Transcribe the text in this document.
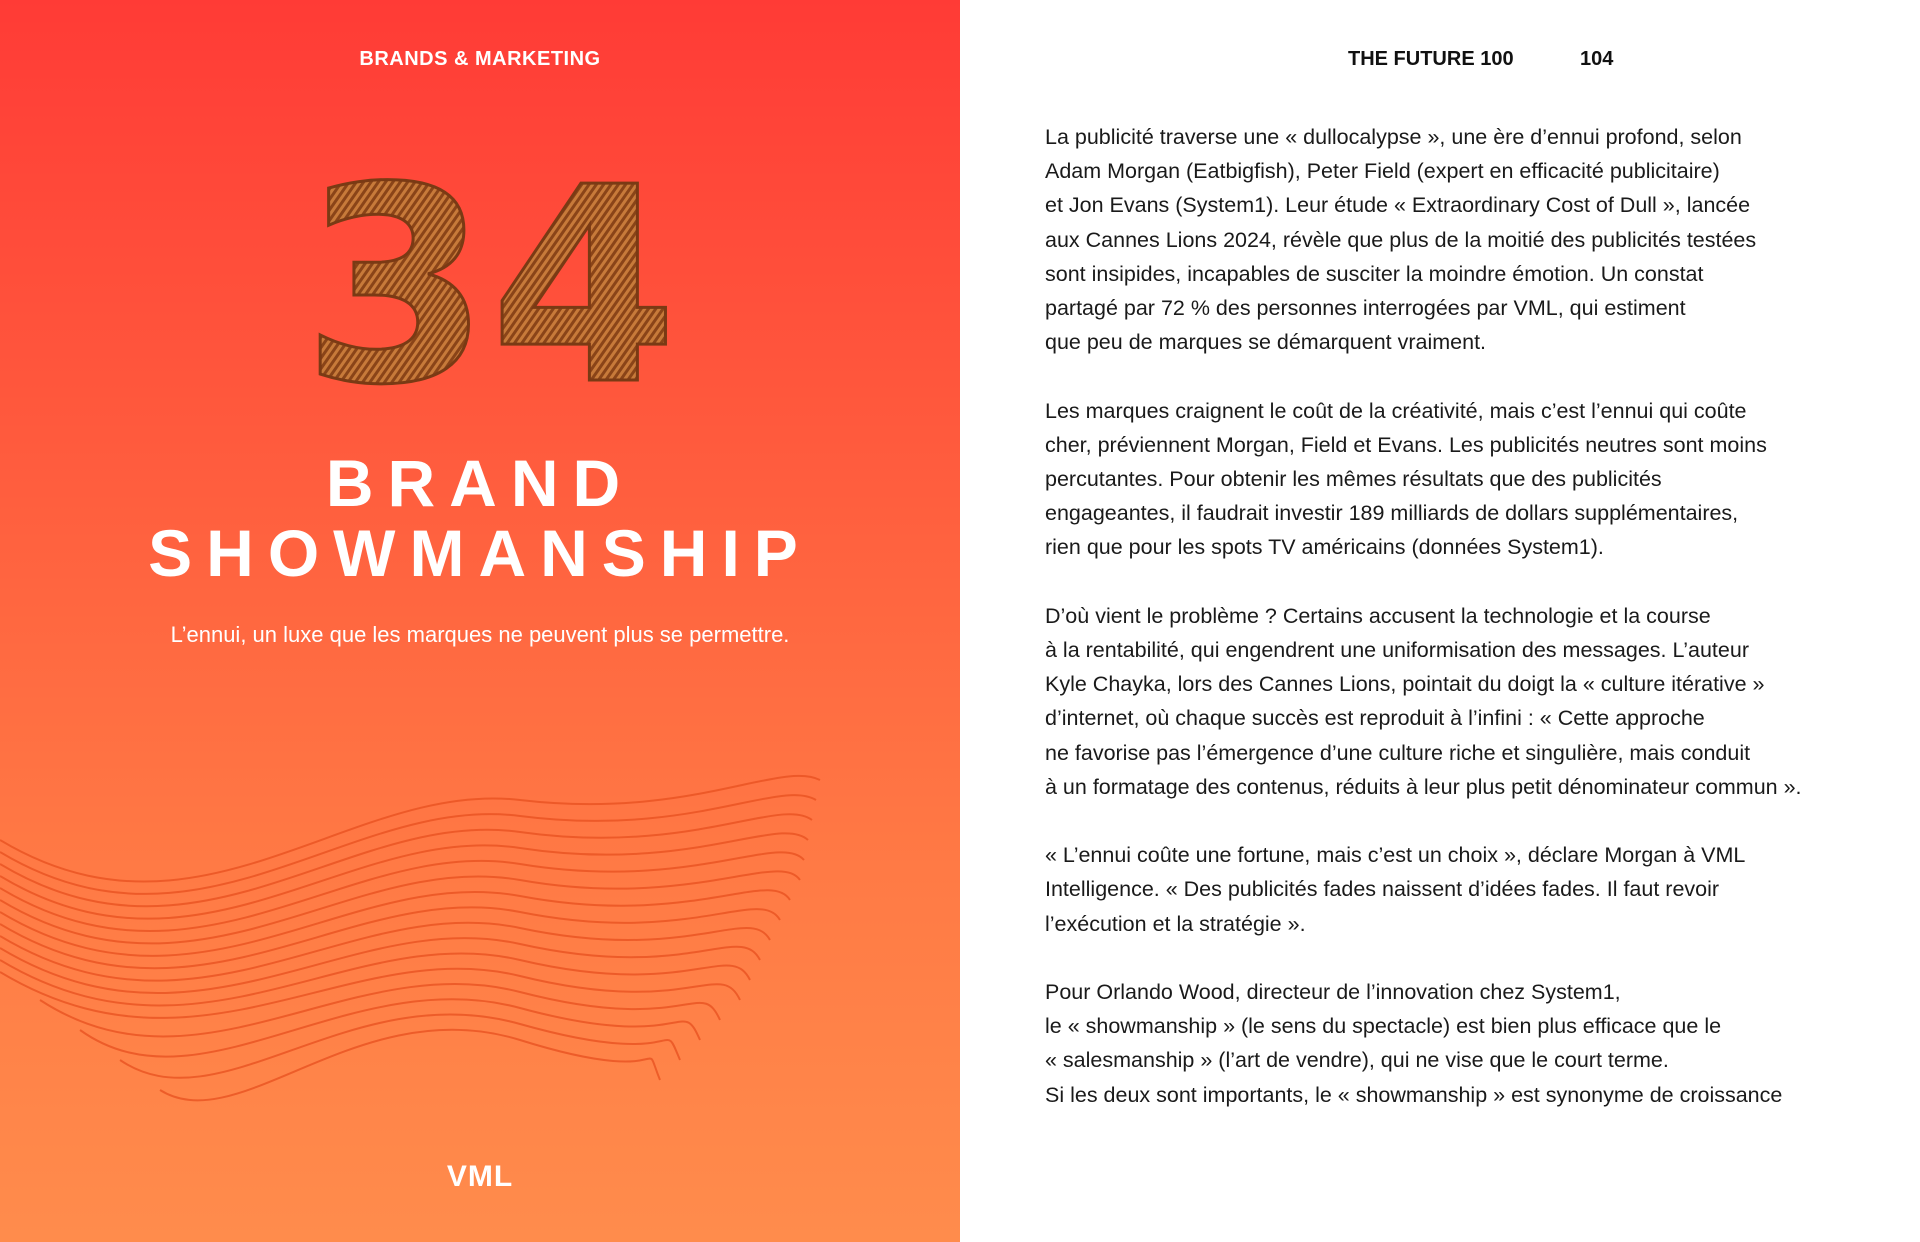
BRANDS & MARKETING
34
BRAND
SHOWMANSHIP
L’ennui, un luxe que les marques ne peuvent plus se permettre.
VML
THE FUTURE 100	104

La publicité traverse une « dullocalypse », une ère d’ennui profond, selon
Adam Morgan (Eatbigfish), Peter Field (expert en efficacité publicitaire)
et Jon Evans (System1). Leur étude « Extraordinary Cost of Dull », lancée
aux Cannes Lions 2024, révèle que plus de la moitié des publicités testées
sont insipides, incapables de susciter la moindre émotion. Un constat
partagé par 72 % des personnes interrogées par VML, qui estiment
que peu de marques se démarquent vraiment.

Les marques craignent le coût de la créativité, mais c’est l’ennui qui coûte
cher, préviennent Morgan, Field et Evans. Les publicités neutres sont moins
percutantes. Pour obtenir les mêmes résultats que des publicités
engageantes, il faudrait investir 189 milliards de dollars supplémentaires,
rien que pour les spots TV américains (données System1).

D’où vient le problème ? Certains accusent la technologie et la course
à la rentabilité, qui engendrent une uniformisation des messages. L’auteur
Kyle Chayka, lors des Cannes Lions, pointait du doigt la « culture itérative »
d’internet, où chaque succès est reproduit à l’infini : « Cette approche
ne favorise pas l’émergence d’une culture riche et singulière, mais conduit
à un formatage des contenus, réduits à leur plus petit dénominateur commun ».

« L’ennui coûte une fortune, mais c’est un choix », déclare Morgan à VML
Intelligence. « Des publicités fades naissent d’idées fades. Il faut revoir
l’exécution et la stratégie ».

Pour Orlando Wood, directeur de l’innovation chez System1,
le « showmanship » (le sens du spectacle) est bien plus efficace que le
« salesmanship » (l’art de vendre), qui ne vise que le court terme.
Si les deux sont importants, le « showmanship » est synonyme de croissance
